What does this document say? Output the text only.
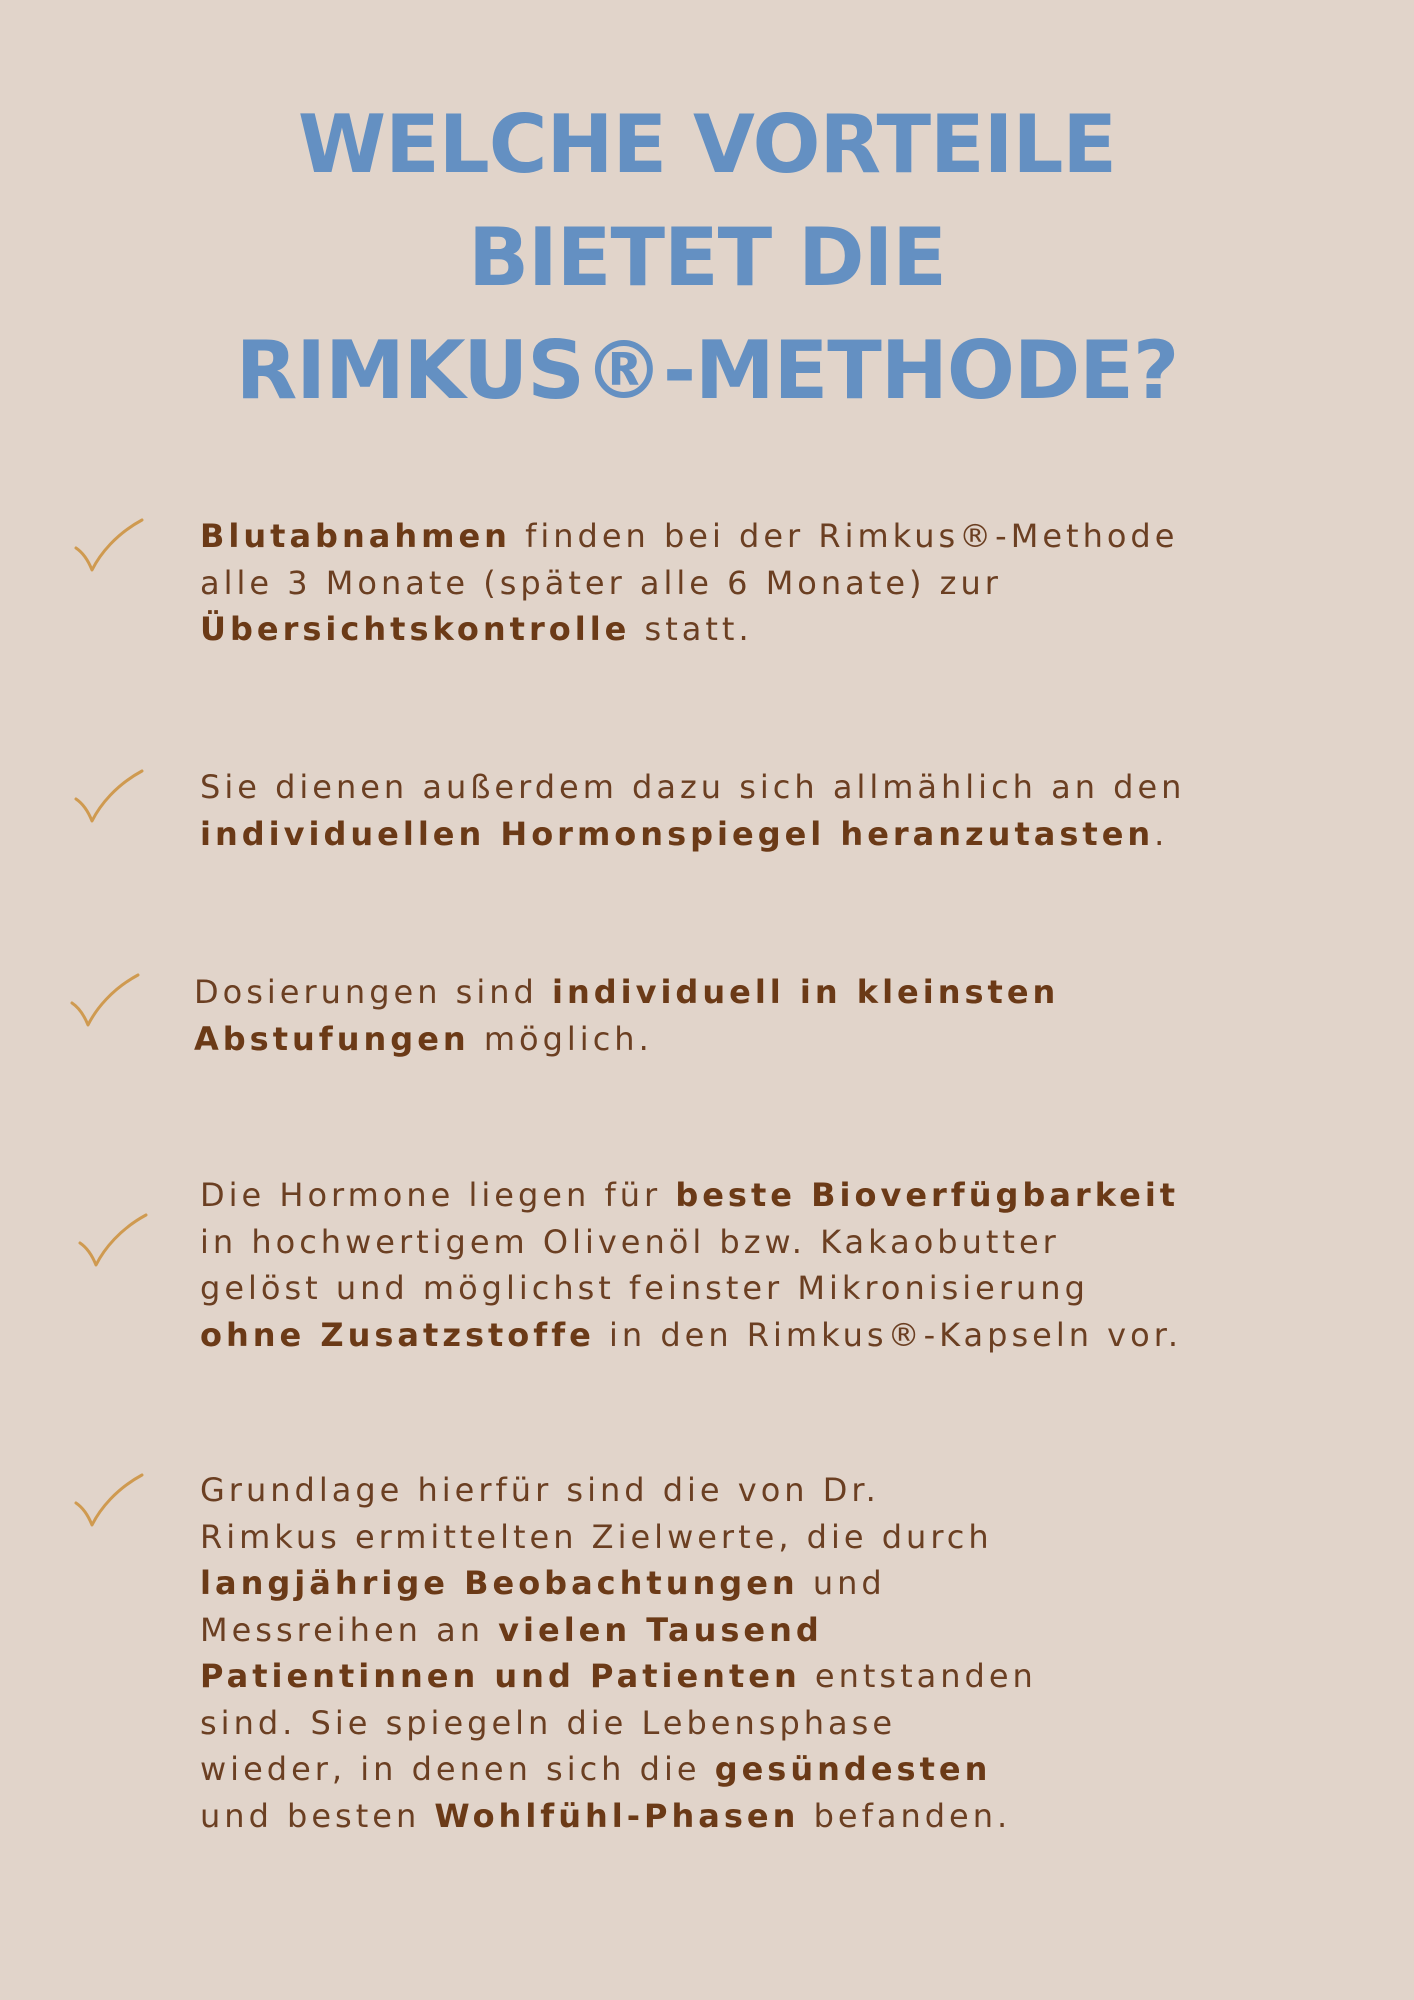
WELCHE VORTEILE
BIETET DIE
RIMKUS®-METHODE?

Blutabnahmen finden bei der Rimkus®-Methode
alle 3 Monate (später alle 6 Monate) zur
Übersichtskontrolle statt.

Sie dienen außerdem dazu sich allmählich an den
individuellen Hormonspiegel heranzutasten.

Dosierungen sind individuell in kleinsten
Abstufungen möglich.

Die Hormone liegen für beste Bioverfügbarkeit
in hochwertigem Olivenöl bzw. Kakaobutter
gelöst und möglichst feinster Mikronisierung
ohne Zusatzstoffe in den Rimkus®-Kapseln vor.

Grundlage hierfür sind die von Dr.
Rimkus ermittelten Zielwerte, die durch
langjährige Beobachtungen und
Messreihen an vielen Tausend
Patientinnen und Patienten entstanden
sind. Sie spiegeln die Lebensphase
wieder, in denen sich die gesündesten
und besten Wohlfühl-Phasen befanden.
